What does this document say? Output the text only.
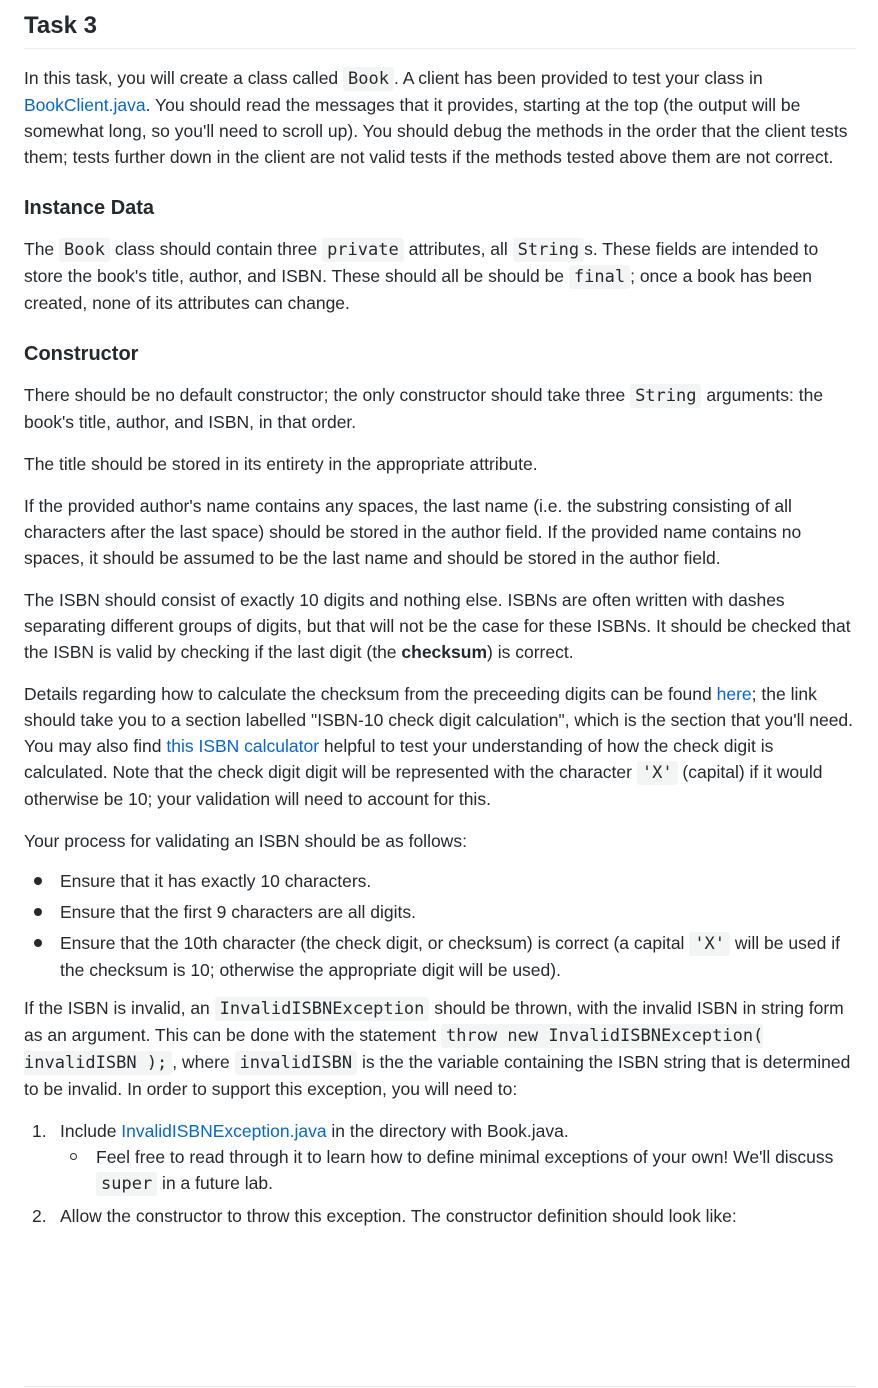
Task 3

In this task, you will create a class called Book . A client has been provided to test your class in BookClient.java. You should read the messages that it provides, starting at the top (the output will be somewhat long, so you'll need to scroll up). You should debug the methods in the order that the client tests them; tests further down in the client are not valid tests if the methods tested above them are not correct.

Instance Data

The Book class should contain three private attributes, all String s. These fields are intended to store the book's title, author, and ISBN. These should all be should be final ; once a book has been created, none of its attributes can change.

Constructor

There should be no default constructor; the only constructor should take three String arguments: the book's title, author, and ISBN, in that order.

The title should be stored in its entirety in the appropriate attribute.

If the provided author's name contains any spaces, the last name (i.e. the substring consisting of all characters after the last space) should be stored in the author field. If the provided name contains no spaces, it should be assumed to be the last name and should be stored in the author field.

The ISBN should consist of exactly 10 digits and nothing else. ISBNs are often written with dashes separating different groups of digits, but that will not be the case for these ISBNs. It should be checked that the ISBN is valid by checking if the last digit (the checksum) is correct.

Details regarding how to calculate the checksum from the preceeding digits can be found here; the link should take you to a section labelled "ISBN-10 check digit calculation", which is the section that you'll need. You may also find this ISBN calculator helpful to test your understanding of how the check digit is calculated. Note that the check digit digit will be represented with the character 'X' (capital) if it would otherwise be 10; your validation will need to account for this.

Your process for validating an ISBN should be as follows:

Ensure that it has exactly 10 characters.
Ensure that the first 9 characters are all digits.
Ensure that the 10th character (the check digit, or checksum) is correct (a capital 'X' will be used if the checksum is 10; otherwise the appropriate digit will be used).

If the ISBN is invalid, an InvalidISBNException should be thrown, with the invalid ISBN in string form as an argument. This can be done with the statement throw new InvalidISBNException( invalidISBN ); , where invalidISBN is the the variable containing the ISBN string that is determined to be invalid. In order to support this exception, you will need to:

1. Include InvalidISBNException.java in the directory with Book.java.
Feel free to read through it to learn how to define minimal exceptions of your own! We'll discuss super in a future lab.
2. Allow the constructor to throw this exception. The constructor definition should look like:
